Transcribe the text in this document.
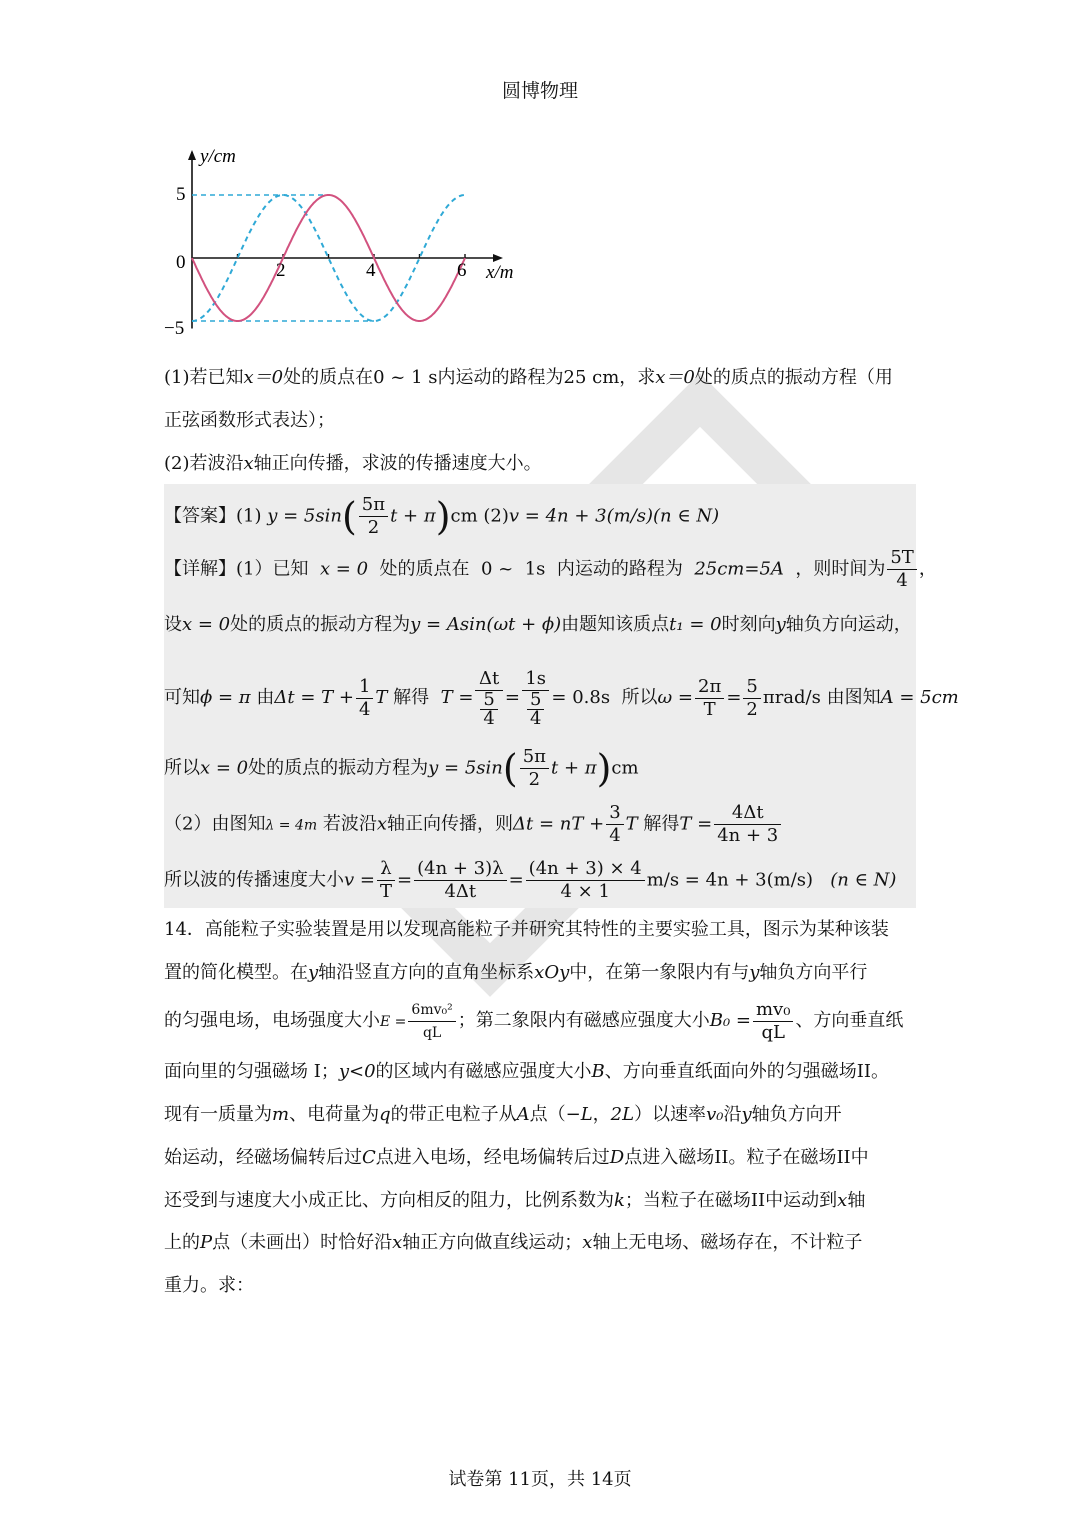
圆博物理
y/cm
x/m
5
0
−5
2	4	6
(1)若已知x＝0处的质点在0 ~ 1 s内运动的路程为25 cm，求x＝0处的质点的振动方程（用
正弦函数形式表达）；
(2)若波沿x轴正向传播，求波的传播速度大小。
【答案】(1) $y = 5\sin( \frac{5\pi}{2}$ t + π)cm (2)v = 4n + 3(m/s)(n ∈ N)
【详解】(1）已知 x = 0 处的质点在 0 ~ 1s 内运动的路程为 25cm=5A ，则时间为 $\frac{5T}{4}$ ，
设x = 0处的质点的振动方程为y = Asin(ωt + ϕ)由题知该质点t₁ = 0时刻向y轴负方向运动，
可知ϕ = π 由$\Delta t = T + \frac{1}{4}$ T 解得 $T = \frac{\Delta t}{\frac{5}{4}} = \frac{1s}{\frac{5}{4}} = 0.8s$ 所以$\omega = \frac{2\pi}{T} = \frac{5}{2} \pi rad/s$ 由图知A = 5cm
所以x = 0处的质点的振动方程为$y = 5\sin( \frac{5\pi}{2}$ t + π)cm
（2）由图知λ = 4m 若波沿x轴正向传播，则Δt = nT + $\frac{3}{4}$ T 解得$T = \frac{4\Delta t}{4n + 3}$
所以波的传播速度大小$v = \frac{\lambda}{T} = \frac{(4n + 3)\lambda}{4\Delta t} = \frac{(4n + 3) \times 4}{4 \times 1} m/s = 4n + 3(m/s)$ (n ∈ N)
14．高能粒子实验装置是用以发现高能粒子并研究其特性的主要实验工具，图示为某种该装
置的简化模型。在y轴沿竖直方向的直角坐标系xOy中，在第一象限内有与y轴负方向平行
的匀强电场，电场强度大小$E = \frac{\text{6mv₀²}}{qL}$ ；第二象限内有磁感应强度大小$B_0 = \frac{\text{mv₀}}{qL}$ 、方向垂直纸
面向里的匀强磁场 I；y<0的区域内有磁感应强度大小B、方向垂直纸面向外的匀强磁场II。
现有一质量为m、电荷量为q的带正电粒子从A点（−L，2L）以速率v₀沿y轴负方向开
始运动，经磁场偏转后过C点进入电场，经电场偏转后过D点进入磁场II。粒子在磁场II中
还受到与速度大小成正比、方向相反的阻力，比例系数为k；当粒子在磁场II中运动到x轴
上的P点（未画出）时恰好沿x轴正方向做直线运动；x轴上无电场、磁场存在，不计粒子
重力。求：
试卷第 11页，共 14页
